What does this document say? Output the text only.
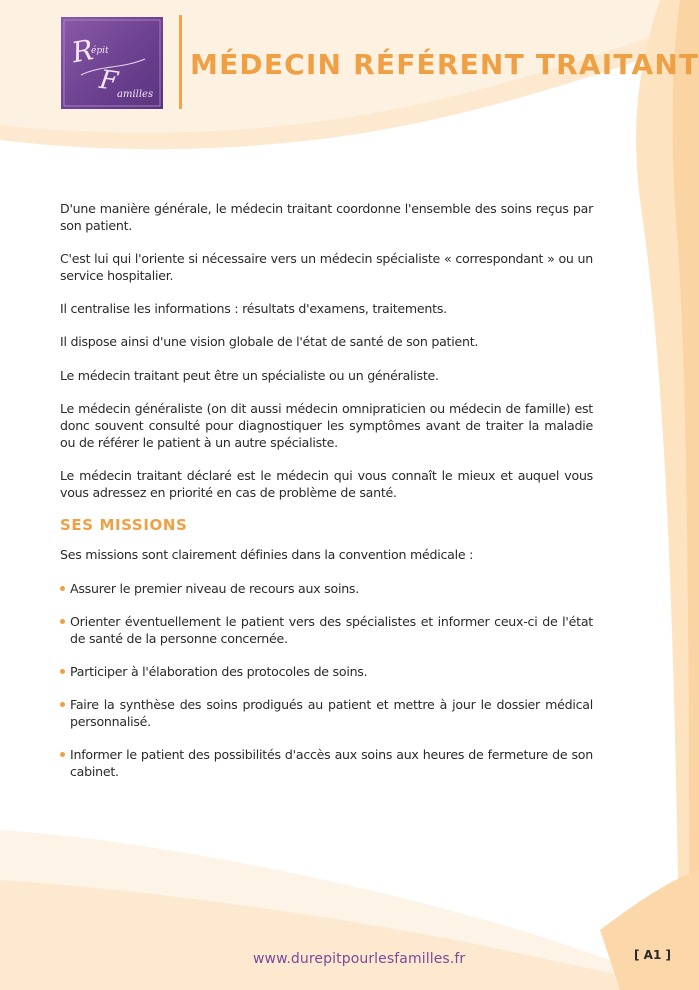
R
épit
F
amilles
MÉDECIN RÉFÉRENT TRAITANT

D'une manière générale, le médecin traitant coordonne l'ensemble des soins reçus par son patient.

C'est lui qui l'oriente si nécessaire vers un médecin spécialiste « correspondant » ou un service hospitalier.

Il centralise les informations : résultats d'examens, traitements.

Il dispose ainsi d'une vision globale de l'état de santé de son patient.

Le médecin traitant peut être un spécialiste ou un généraliste.

Le médecin généraliste (on dit aussi médecin omnipraticien ou médecin de famille) est donc souvent consulté pour diagnostiquer les symptômes avant de traiter la maladie ou de référer le patient à un autre spécialiste.

Le médecin traitant déclaré est le médecin qui vous connaît le mieux et auquel vous vous adressez en priorité en cas de problème de santé.

SES MISSIONS

Ses missions sont clairement définies dans la convention médicale :

Assurer le premier niveau de recours aux soins.
Orienter éventuellement le patient vers des spécialistes et informer ceux-ci de l'état de santé de la personne concernée.
Participer à l'élaboration des protocoles de soins.
Faire la synthèse des soins prodigués au patient et mettre à jour le dossier médical personnalisé.
Informer le patient des possibilités d'accès aux soins aux heures de fermeture de son cabinet.
www.durepitpourlesfamilles.fr	[ A1 ]
